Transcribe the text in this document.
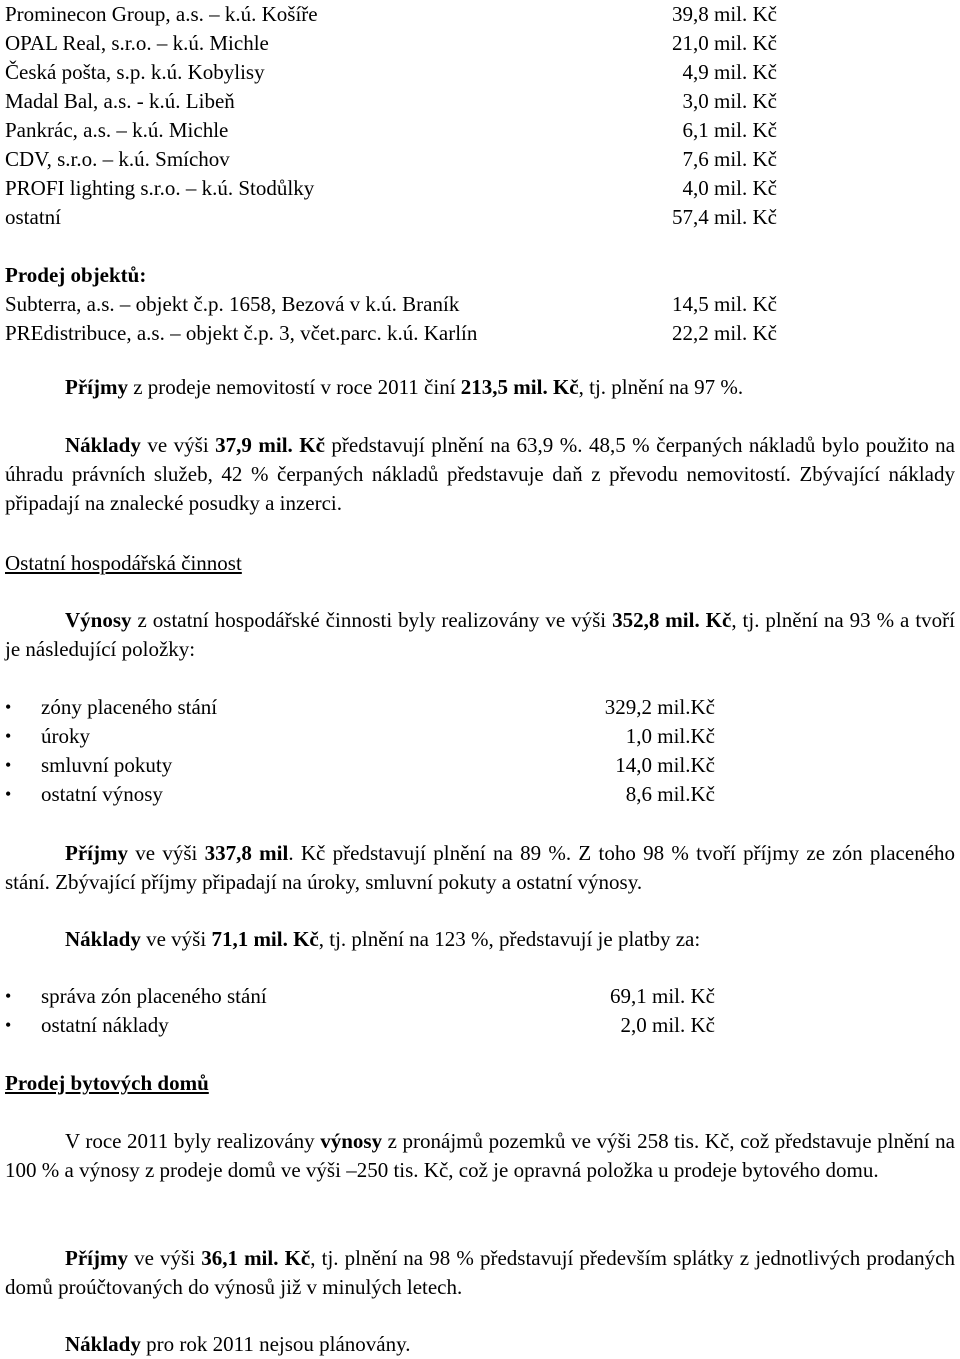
Prominecon Group, a.s. – k.ú. Košíře	39,8 mil. Kč
OPAL Real, s.r.o. – k.ú. Michle	21,0 mil. Kč
Česká pošta, s.p. k.ú. Kobylisy	4,9 mil. Kč
Madal Bal, a.s. - k.ú. Libeň	3,0 mil. Kč
Pankrác, a.s. – k.ú. Michle	6,1 mil. Kč
CDV, s.r.o. – k.ú. Smíchov	7,6 mil. Kč
PROFI lighting s.r.o. – k.ú. Stodůlky	4,0 mil. Kč
ostatní	57,4 mil. Kč
Prodej objektů:
Subterra, a.s. – objekt č.p. 1658, Bezová v k.ú. Braník	14,5 mil. Kč
PREdistribuce, a.s. – objekt č.p. 3, včet.parc. k.ú. Karlín	22,2 mil. Kč
Příjmy z prodeje nemovitostí v roce 2011 činí 213,5 mil. Kč, tj. plnění na 97 %.
Náklady ve výši 37,9 mil. Kč představují plnění na 63,9 %. 48,5 % čerpaných nákladů bylo použito na úhradu právních služeb, 42 % čerpaných nákladů představuje daň z převodu nemovitostí. Zbývající náklady připadají na znalecké posudky a inzerci.
Ostatní hospodářská činnost
Výnosy z ostatní hospodářské činnosti byly realizovány ve výši 352,8 mil. Kč, tj. plnění na 93 % a tvoří je následující položky:
• zóny placeného stání	329,2 mil.Kč
• úroky	1,0 mil.Kč
• smluvní pokuty	14,0 mil.Kč
• ostatní výnosy	8,6 mil.Kč
Příjmy ve výši 337,8 mil. Kč představují plnění na 89 %. Z toho 98 % tvoří příjmy ze zón placeného stání. Zbývající příjmy připadají na úroky, smluvní pokuty a ostatní výnosy.
Náklady ve výši 71,1 mil. Kč, tj. plnění na 123 %, představují je platby za:
• správa zón placeného stání	69,1 mil. Kč
• ostatní náklady	2,0 mil. Kč
Prodej bytových domů
V roce 2011 byly realizovány výnosy z pronájmů pozemků ve výši 258 tis. Kč, což představuje plnění na 100 % a výnosy z prodeje domů ve výši –250 tis. Kč, což je opravná položka u prodeje bytového domu.
Příjmy ve výši 36,1 mil. Kč, tj. plnění na 98 % představují především splátky z jednotlivých prodaných domů proúčtovaných do výnosů již v minulých letech.
Náklady pro rok 2011 nejsou plánovány.
